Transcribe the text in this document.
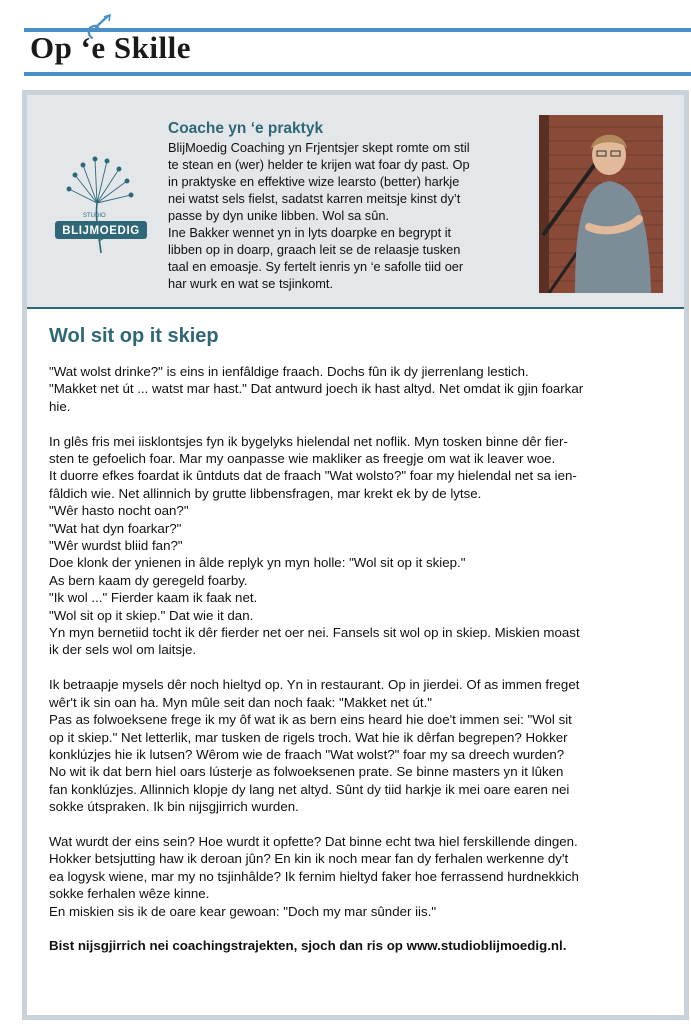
Op ‘e Skille
STUDIO
BLIJMOEDIG
Coache yn ‘e praktyk

BlijMoedig Coaching yn Frjentsjer skept romte om stil

te stean en (wer) helder te krijen wat foar dy past. Op

in praktyske en effektive wize learsto (better) harkje

nei watst sels fielst, sadatst karren meitsje kinst dy’t

passe by dyn unike libben. Wol sa sûn.

Ine Bakker wennet yn in lyts doarpke en begrypt it

libben op in doarp, graach leit se de relaasje tusken

taal en emoasje. Sy fertelt ienris yn ‘e safolle tiid oer

har wurk en wat se tsjinkomt.

Wol sit op it skiep
"Wat wolst drinke?" is eins in ienfâldige fraach. Dochs fûn ik dy jierrenlang lestich.
"Makket net út ... watst mar hast." Dat antwurd joech ik hast altyd. Net omdat ik gjin foarkar
hie.
In glês fris mei iisklontsjes fyn ik bygelyks hielendal net noflik. Myn tosken binne dêr fier-
sten te gefoelich foar. Mar my oanpasse wie makliker as freegje om wat ik leaver woe.
It duorre efkes foardat ik ûntduts dat de fraach "Wat wolsto?" foar my hielendal net sa ien-
fâldich wie. Net allinnich by grutte libbensfragen, mar krekt ek by de lytse.
"Wêr hasto nocht oan?"
"Wat hat dyn foarkar?"
"Wêr wurdst bliid fan?"
Doe klonk der ynienen in âlde replyk yn myn holle: "Wol sit op it skiep."
As bern kaam dy geregeld foarby.
"Ik wol ..." Fierder kaam ik faak net.
"Wol sit op it skiep." Dat wie it dan.
Yn myn bernetiid tocht ik dêr fierder net oer nei. Fansels sit wol op in skiep. Miskien moast
ik der sels wol om laitsje.
Ik betraapje mysels dêr noch hieltyd op. Yn in restaurant. Op in jierdei. Of as immen freget
wêr't ik sin oan ha. Myn mûle seit dan noch faak: "Makket net út."
Pas as folwoeksene frege ik my ôf wat ik as bern eins heard hie doe't immen sei: "Wol sit
op it skiep." Net letterlik, mar tusken de rigels troch. Wat hie ik dêrfan begrepen? Hokker
konklúzjes hie ik lutsen? Wêrom wie de fraach "Wat wolst?" foar my sa dreech wurden?
No wit ik dat bern hiel oars lústerje as folwoeksenen prate. Se binne masters yn it lûken
fan konklúzjes. Allinnich klopje dy lang net altyd. Sûnt dy tiid harkje ik mei oare earen nei
sokke útspraken. Ik bin nijsgjirrich wurden.
Wat wurdt der eins sein? Hoe wurdt it opfette? Dat binne echt twa hiel ferskillende dingen.
Hokker betsjutting haw ik deroan jûn? En kin ik noch mear fan dy ferhalen werkenne dy't
ea logysk wiene, mar my no tsjinhâlde? Ik fernim hieltyd faker hoe ferrassend hurdnekkich
sokke ferhalen wêze kinne.
En miskien sis ik de oare kear gewoan: "Doch my mar sûnder iis."
Bist nijsgjirrich nei coachingstrajekten, sjoch dan ris op www.studioblijmoedig.nl.
